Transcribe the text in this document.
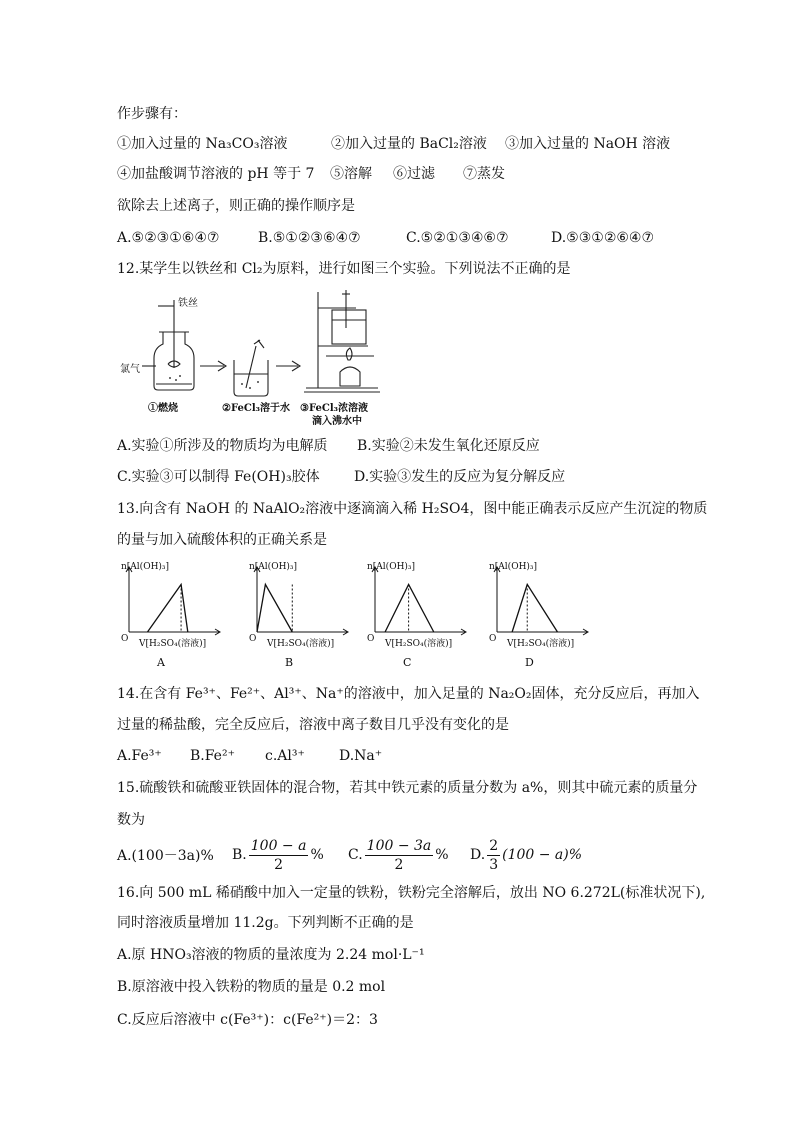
作步骤有：
①加入过量的 Na₃CO₃溶液	②加入过量的 BaCl₂溶液 ③加入过量的 NaOH 溶液
④加盐酸调节溶液的 pH 等于 7 ⑤溶解 ⑥过滤 ⑦蒸发
欲除去上述离子，则正确的操作顺序是
A.⑤②③①⑥④⑦	B.⑤①②③⑥④⑦	C.⑤②①③④⑥⑦	D.⑤③①②⑥④⑦
12.某学生以铁丝和 Cl₂为原料，进行如图三个实验。下列说法不正确的是
铁丝
氯气
①燃烧	②FeCl₃溶于水 ③FeCl₃浓溶液
滴入沸水中
A.实验①所涉及的物质均为电解质 B.实验②未发生氧化还原反应
C.实验③可以制得 Fe(OH)₃胶体 D.实验③发生的反应为复分解反应
13.向含有 NaOH 的 NaAlO₂溶液中逐滴滴入稀 H₂SO4，图中能正确表示反应产生沉淀的物质
的量与加入硫酸体积的正确关系是
n[Al(OH)₃]
V[H₂SO₄(溶液)]
O
A
n[Al(OH)₃]
V[H₂SO₄(溶液)]
O
B
n[Al(OH)₃]
V[H₂SO₄(溶液)]
O
C
n[Al(OH)₃]
V[H₂SO₄(溶液)]
O
D
14.在含有 Fe³⁺、Fe²⁺、Al³⁺、Na⁺的溶液中，加入足量的 Na₂O₂固体，充分反应后，再加入
过量的稀盐酸，完全反应后，溶液中离子数目几乎没有变化的是
A.Fe³⁺ B.Fe²⁺ c.Al³⁺ D.Na⁺
15.硫酸铁和硫酸亚铁固体的混合物，若其中铁元素的质量分数为 a%，则其中硫元素的质量分
数为
A.(100－3a)% B. $\frac{100 - a}{2}$ % C. $\frac{100 - 3a}{2}$ % D. $\frac{2}{3} (100 - a)\%$
16.向 500 mL 稀硝酸中加入一定量的铁粉，铁粉完全溶解后，放出 NO 6.272L(标准状况下),
同时溶液质量增加 11.2g。下列判断不正确的是
A.原 HNO₃溶液的物质的量浓度为 2.24 mol·L⁻¹
B.原溶液中投入铁粉的物质的量是 0.2 mol
C.反应后溶液中 c(Fe³⁺)：c(Fe²⁺)＝2：3
